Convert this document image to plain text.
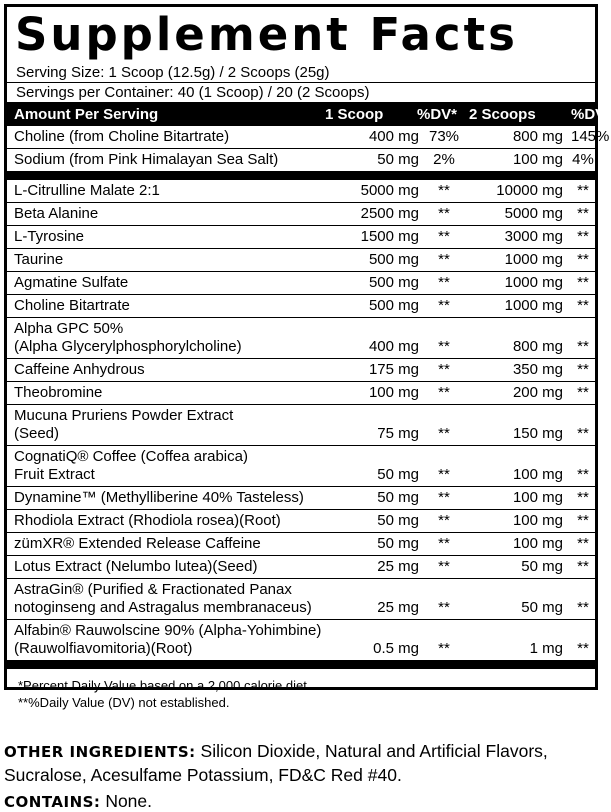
Supplement Facts
Serving Size: 1 Scoop (12.5g) / 2 Scoops (25g)
Servings per Container: 40 (1 Scoop) / 20 (2 Scoops)
Amount Per Serving	1 Scoop	%DV* 2 Scoops	%DV*
Choline (from Choline Bitartrate)	400 mg 73%	800 mg 145%
Sodium (from Pink Himalayan Sea Salt)	50 mg 2%	100 mg 4%
L-Citrulline Malate 2:1	5000 mg	**	10000 mg **
Beta Alanine	2500 mg	**	5000 mg **
L-Tyrosine	1500 mg	**	3000 mg **
Taurine	500 mg	**	1000 mg **
Agmatine Sulfate	500 mg	**	1000 mg **
Choline Bitartrate	500 mg	**	1000 mg **
Alpha GPC 50%
(Alpha Glycerylphosphorylcholine)	400 mg	**	800 mg **
Caffeine Anhydrous	175 mg	**	350 mg **
Theobromine	100 mg	**	200 mg **
Mucuna Pruriens Powder Extract
(Seed)	75 mg	**	150 mg **
CognatiQ® Coffee (Coffea arabica)
Fruit Extract	50 mg	**	100 mg **
Dynamine™ (Methylliberine 40% Tasteless)	50 mg	**	100 mg **
Rhodiola Extract (Rhodiola rosea)(Root)	50 mg	**	100 mg **
zümXR® Extended Release Caffeine	50 mg	**	100 mg **
Lotus Extract (Nelumbo lutea)(Seed)	25 mg	**	50 mg **
AstraGin® (Purified & Fractionated Panax
notoginseng and Astragalus membranaceus)	25 mg	**	50 mg **
Alfabin® Rauwolscine 90% (Alpha-Yohimbine)
(Rauwolfiavomitoria)(Root)	0.5 mg	**	1 mg **
*Percent Daily Value based on a 2,000 calorie diet.
**%Daily Value (DV) not established.
OTHER INGREDIENTS: Silicon Dioxide, Natural and Artificial Flavors, Sucralose, Acesulfame Potassium, FD&C Red #40.
CONTAINS: None.
